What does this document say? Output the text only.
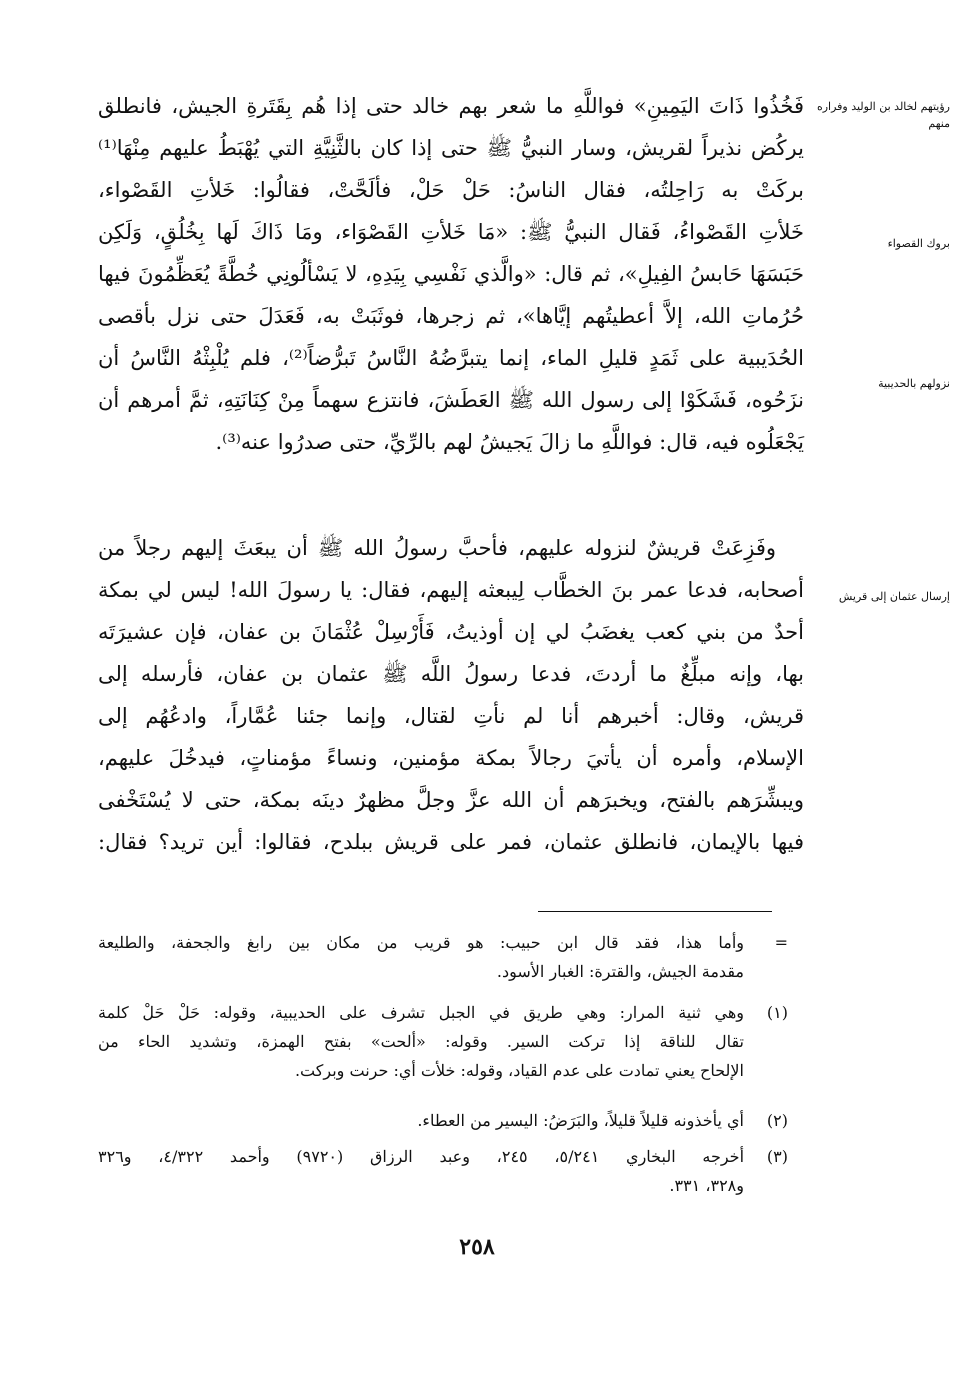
رؤيتهم لخالد بن الوليد وفراره منهم
بروك القصواء
نزولهم بالحديبية
إرسال عثمان إلى قريش
فَخُذُوا ذَاتَ اليَمِينِ» فواللَّهِ ما شعر بهم خالد حتى إذا هُم بِقَتَرةِ الجيش، فانطلق
يركُض نذيراً لقريش، وسار النبيُّ ﷺ حتى إذا كان بالثَّنِيَّةِ التي يُهْبَطُ عليهم مِنْهَا⁽¹⁾
بركَتْ به رَاحِلتُه، فقال الناسُ: حَلْ حَلْ، فألَحَّتْ، فقالُوا: خَلأتِ القَصْواء،
خَلأتِ القَصْواءُ، فَقال النبيُّ ﷺ: «مَا خَلأتِ القَصْوَاء، ومَا ذَاكَ لَها بِخُلُقٍ، وَلَكِن
حَبَسَهَا حَابسُ الفِيلِ»، ثم قال: «والَّذي نَفْسِي بِيَدِهِ، لا يَسْألُونِي خُطَّةً يُعَظِّمُونَ فيها
حُرُماتِ الله، إلاَّ أعطيتُهم إيَّاها»، ثم زجرها، فوثَبَتْ به، فَعَدَلَ حتى نزل بأقصى
الحُدَيبية على ثَمَدٍ قليلِ الماء، إنما يتبرَّضُهُ النَّاسُ تَبرُّضاً⁽²⁾، فلم يُلْبِثْهُ النَّاسُ أن
نزَحُوه، فَشَكَوْا إلى رسول الله ﷺ العَطَشَ، فانتزع سهماً مِنْ كِنَانَتِهِ، ثمَّ أمرهم أن
يَجْعَلُوه فيه، قال: فواللَّهِ ما زالَ يَجيشُ لهم بالرِّيِّ، حتى صدرُوا عنه⁽³⁾.
وفَزِعَتْ قريشٌ لنزوله عليهم، فأحبَّ رسولُ الله ﷺ أن يبعَثَ إليهم رجلاً من
أصحابه، فدعا عمر بنَ الخطَّاب لِيبعثه إليهم، فقال: يا رسولَ الله! ليس لي بمكة
أحدٌ من بني كعب يغضَبُ لي إن أوذيتُ، فَأَرْسِلْ عُثْمَانَ بن عفان، فإن عشيرَتَه
بها، وإنه مبلِّغٌ ما أردتَ، فدعا رسولُ اللَّه ﷺ عثمان بن عفان، فأرسله إلى
قريش، وقال: أخبرهم أنا لم نأتِ لقتال، وإنما جئنا عُمَّاراً، وادعُهُم إلى
الإسلام، وأمره أن يأتيَ رجالاً بمكة مؤمنين، ونساءً مؤمناتٍ، فيدخُلَ عليهم،
ويبشِّرَهم بالفتح، ويخبرَهم أن الله عزَّ وجلَّ مظهرٌ دينَه بمكة، حتى لا يُسْتَخْفى
فيها بالإيمان، فانطلق عثمان، فمر على قريش ببلدح، فقالوا: أين تريد؟ فقال:
=
وأما هذا، فقد قال ابن حبيب: هو قريب من مكان بين رابغ والجحفة، والطليعة
مقدمة الجيش، والقترة: الغبار الأسود.
(١)
وهي ثنية المرار: وهي طريق في الجبل تشرف على الحديبية، وقوله: حَلْ حَلْ كلمة
تقال للناقة إذا تركت السير. وقوله: «ألحت» بفتح الهمزة، وتشديد الحاء من
الإلحاح يعني تمادت على عدم القياد، وقوله: خلأت أي: حرنت وبركت.
(٢)
أي يأخذونه قليلاً قليلاً، والبَرَضُ: اليسير من العطاء.
(٣)
أخرجه البخاري ٥/٢٤١، ٢٤٥، وعبد الرزاق (٩٧٢٠) وأحمد ٤/٣٢٢، و٣٢٦
و٣٢٨، ٣٣١.
٢٥٨
